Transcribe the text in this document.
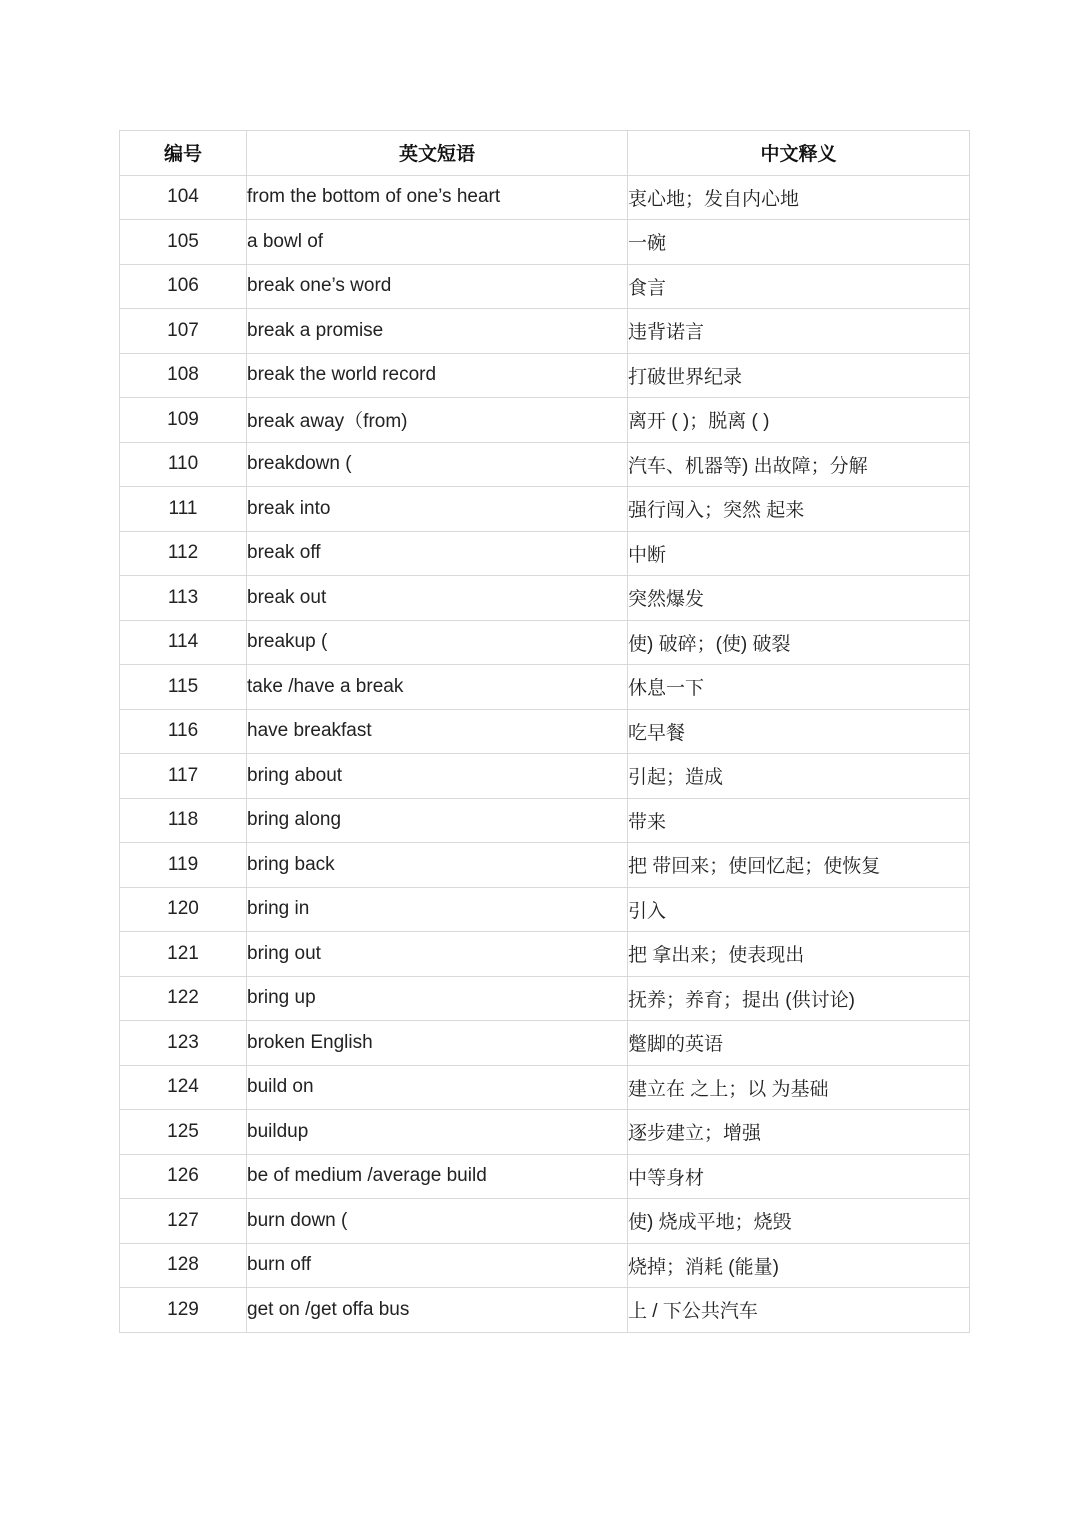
编号	英文短语	中文释义
104	from the bottom of one’s heart	衷心地；发自内心地
105	a bowl of	一碗
106	break one’s word	食言
107	break a promise	违背诺言
108	break the world record	打破世界纪录
109	break away（from)	离开 ( )；脱离 ( )
110	breakdown (	汽车、机器等) 出故障；分解
111	break into	强行闯入；突然 起来
112	break off	中断
113	break out	突然爆发
114	breakup (	使) 破碎；(使) 破裂
115	take /have a break	休息一下
116	have breakfast	吃早餐
117	bring about	引起；造成
118	bring along	带来
119	bring back	把 带回来；使回忆起；使恢复
120	bring in	引入
121	bring out	把 拿出来；使表现出
122	bring up	抚养；养育；提出 (供讨论)
123	broken English	蹩脚的英语
124	build on	建立在 之上；以 为基础
125	buildup	逐步建立；增强
126	be of medium /average build	中等身材
127	burn down (	使) 烧成平地；烧毁
128	burn off	烧掉；消耗 (能量)
129	get on /get offa bus	上 / 下公共汽车
